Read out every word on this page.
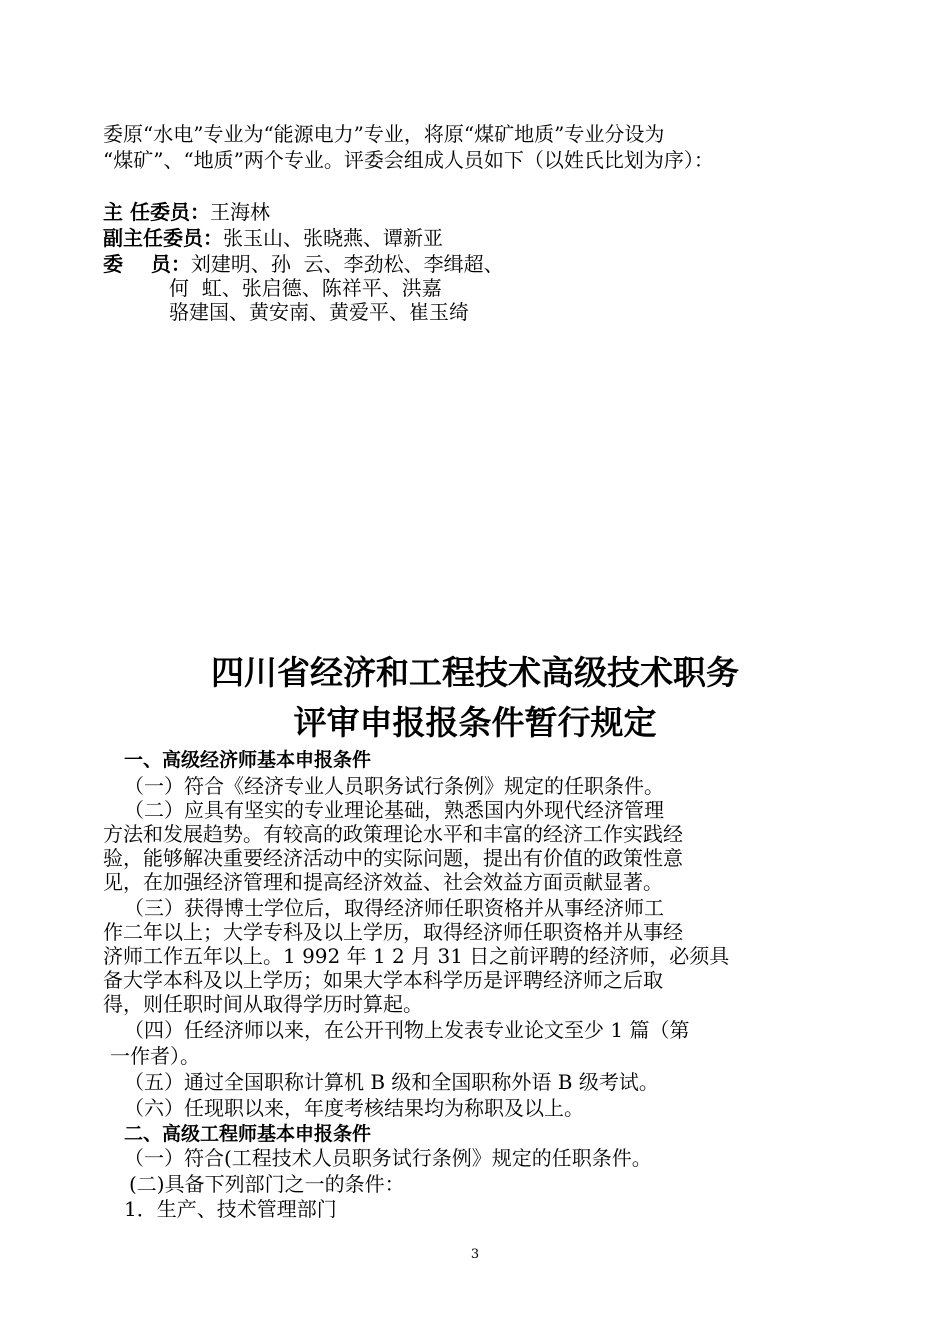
委原“水电”专业为“能源电力”专业，将原“煤矿地质”专业分设为
“煤矿”、“地质”两个专业。评委会组成人员如下（以姓氏比划为序）：
主 任委员：王海林
副主任委员：张玉山、张晓燕、谭新亚
委    员：刘建明、孙  云、李劲松、李缉超、
何  虹、张启德、陈祥平、洪嘉
骆建国、黄安南、黄爱平、崔玉绮
四川省经济和工程技术高级技术职务
评审申报报条件暂行规定
一、高级经济师基本申报条件
（一）符合《经济专业人员职务试行条例》规定的任职条件。
（二）应具有坚实的专业理论基础，熟悉国内外现代经济管理
方法和发展趋势。有较高的政策理论水平和丰富的经济工作实践经
验，能够解决重要经济活动中的实际问题，提出有价值的政策性意
见，在加强经济管理和提高经济效益、社会效益方面贡献显著。
（三）获得博士学位后，取得经济师任职资格并从事经济师工
作二年以上；大学专科及以上学历，取得经济师任职资格并从事经
济师工作五年以上。1 992 年 1 2 月 31 日之前评聘的经济师，必须具
备大学本科及以上学历；如果大学本科学历是评聘经济师之后取
得，则任职时间从取得学历时算起。
（四）任经济师以来，在公开刊物上发表专业论文至少 1 篇（第
一作者）。
（五）通过全国职称计算机 B 级和全国职称外语 B 级考试。
（六）任现职以来，年度考核结果均为称职及以上。
二、高级工程师基本申报条件
（一）符合(工程技术人员职务试行条例》规定的任职条件。
(二)具备下列部门之一的条件：
1．生产、技术管理部门
3
